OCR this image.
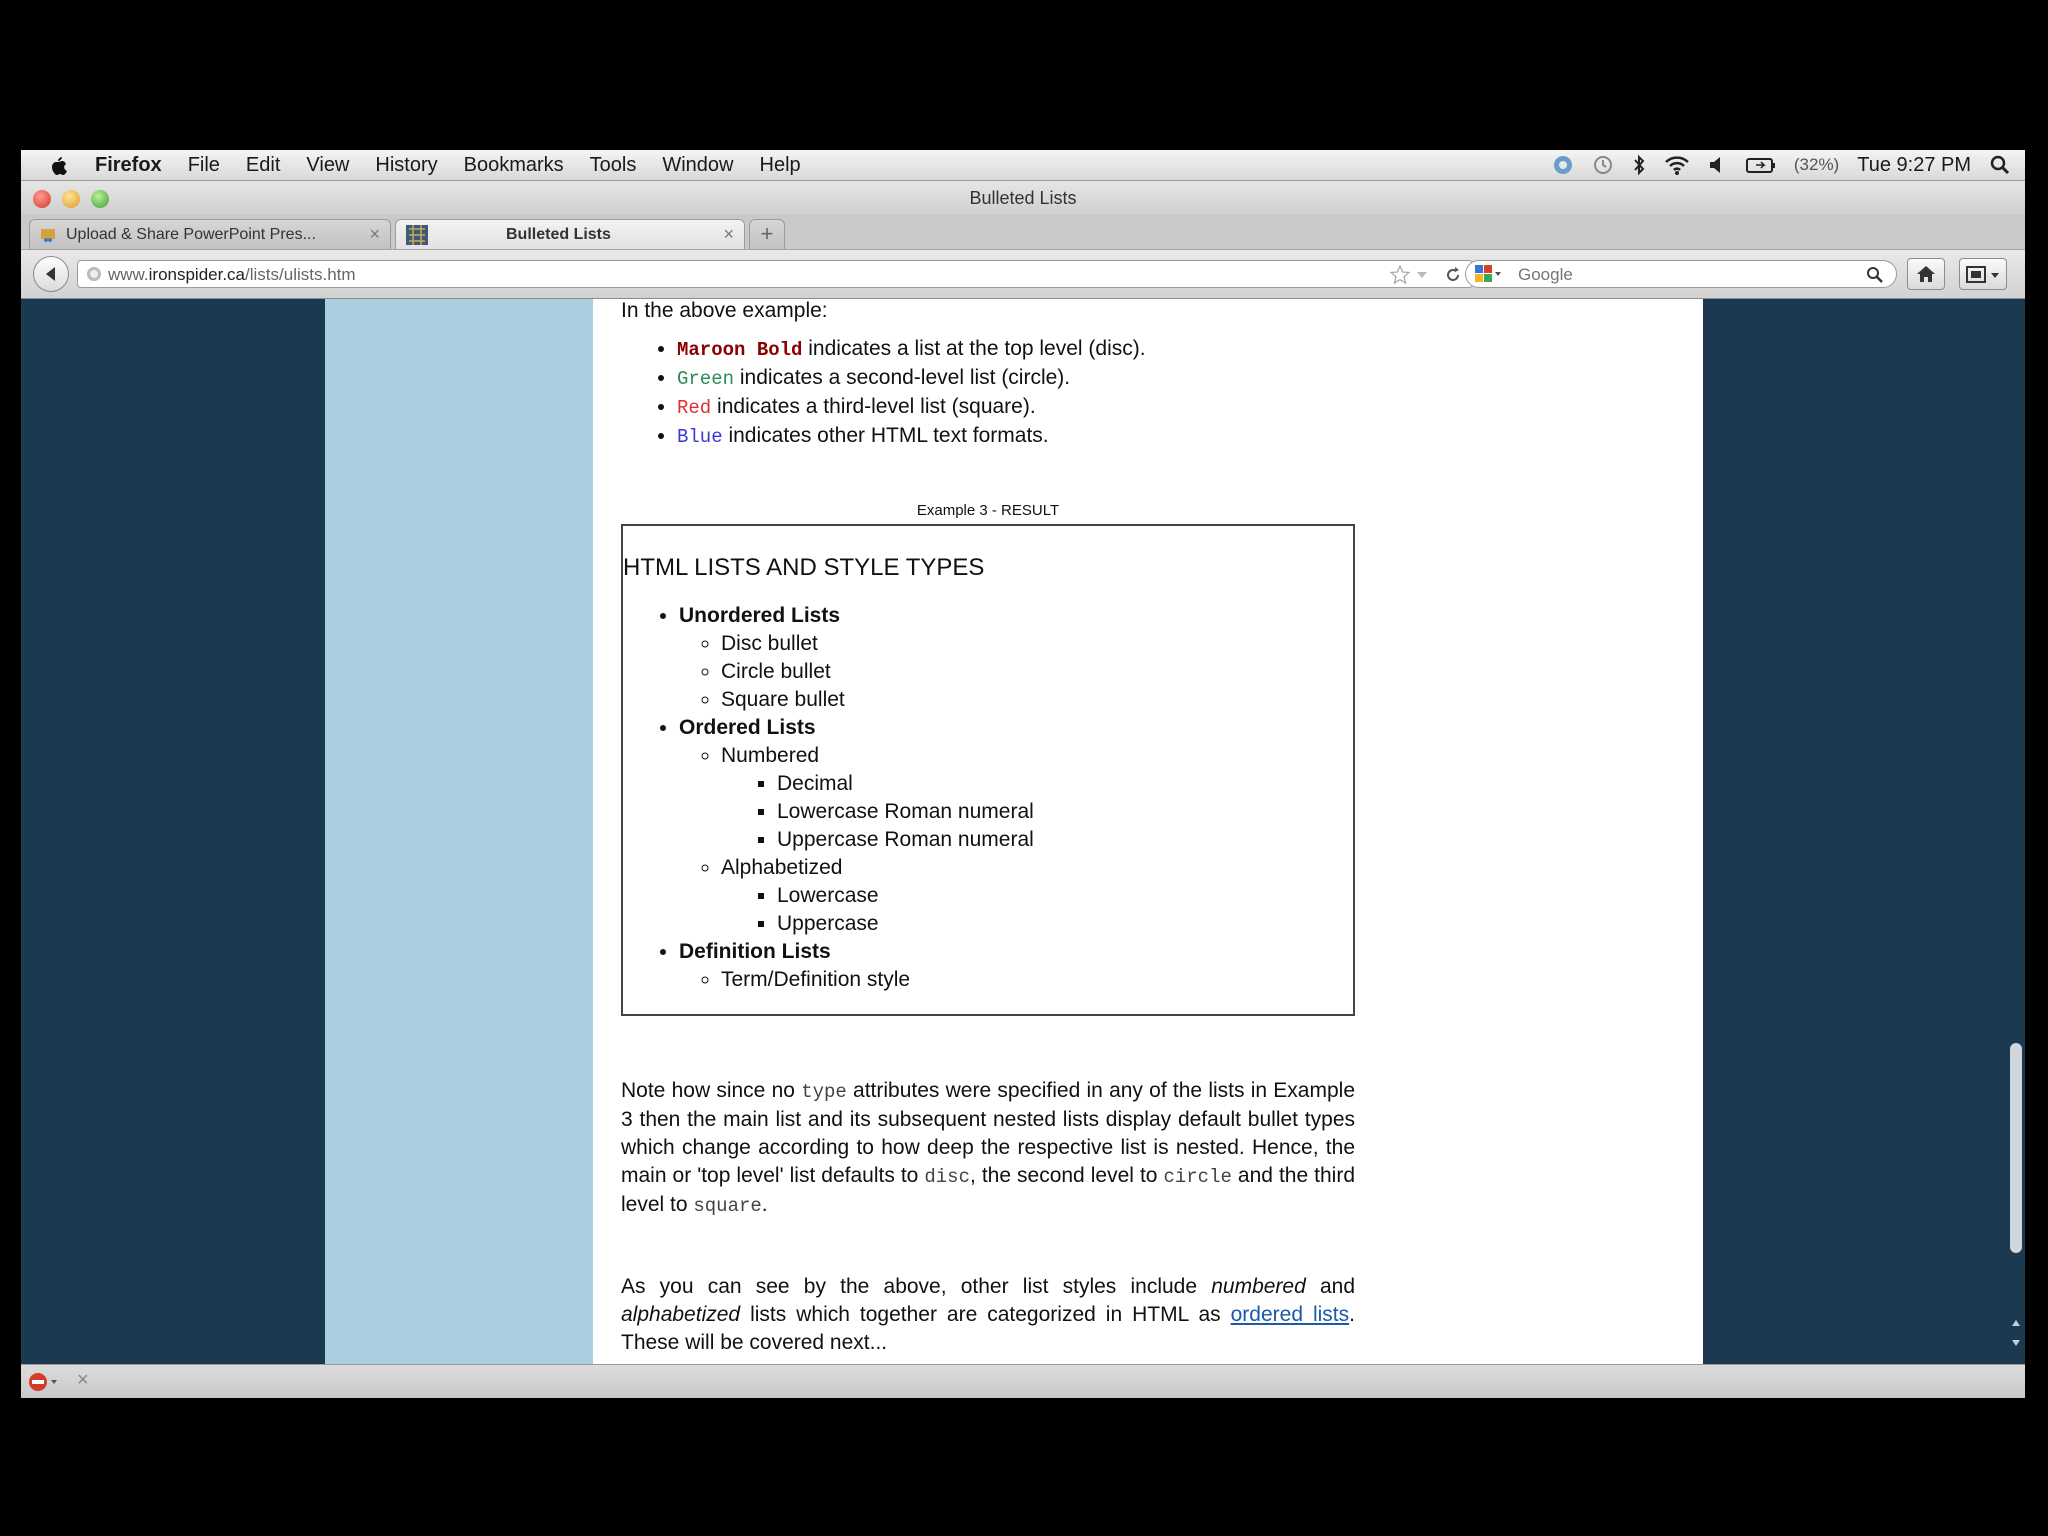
Firefox File Edit View History Bookmarks Tools Window Help	(32%) Tue 9:27 PM
Bulleted Lists
Upload & Share PowerPoint Pres...	×	Bulleted Lists	×	+
www.ironspider.ca/lists/ulists.htm
Google
In the above example:
• Maroon Bold indicates a list at the top level (disc).
• Green indicates a second-level list (circle).
• Red indicates a third-level list (square).
• Blue indicates other HTML text formats.
Example 3 - RESULT
HTML LISTS AND STYLE TYPES
• Unordered Lists
◦ Disc bullet
◦ Circle bullet
◦ Square bullet
• Ordered Lists
◦ Numbered
▪ Decimal
▪ Lowercase Roman numeral
▪ Uppercase Roman numeral
◦ Alphabetized
▪ Lowercase
▪ Uppercase
• Definition Lists
◦ Term/Definition style
Note how since no type attributes were specified in any of the lists in Example 3 then the main list and its subsequent nested lists display default bullet types which change according to how deep the respective list is nested. Hence, the main or 'top level' list defaults to disc, the second level to circle and the third level to square.
As you can see by the above, other list styles include numbered and alphabetized lists which together are categorized in HTML as ordered lists. These will be covered next...
×
